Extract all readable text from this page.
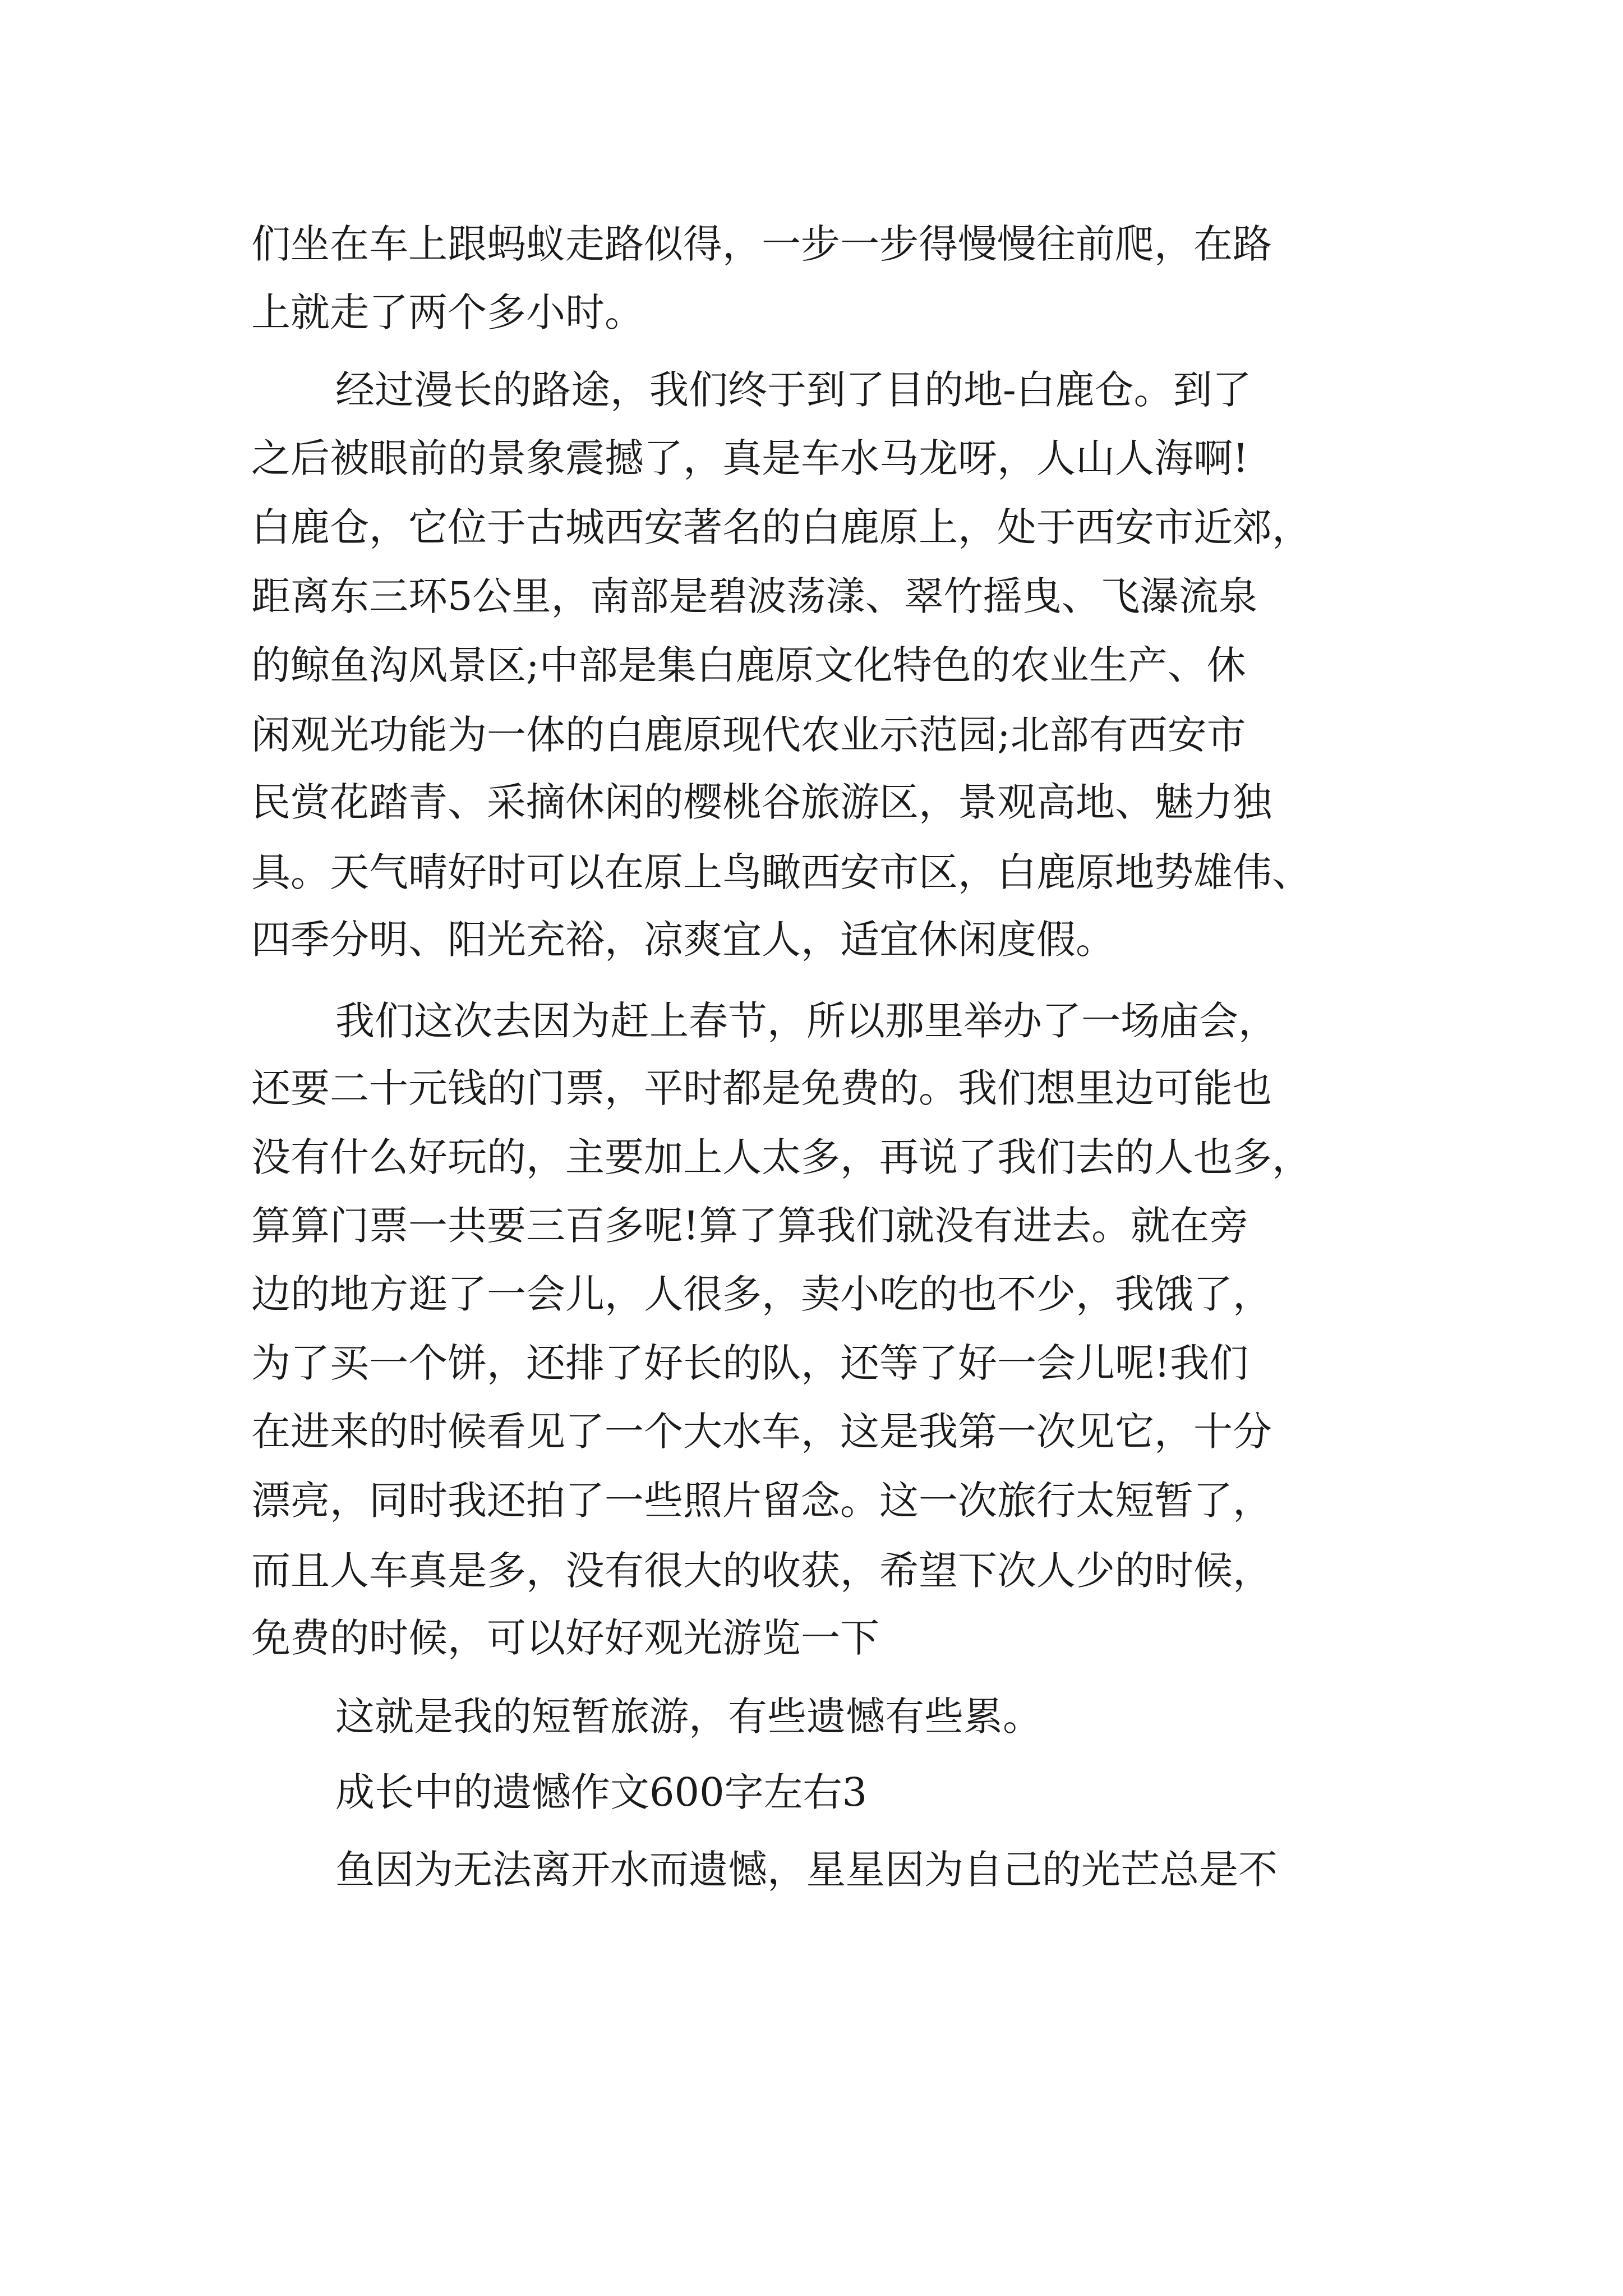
们坐在车上跟蚂蚁走路似得，一步一步得慢慢往前爬，在路
上就走了两个多小时。
经过漫长的路途，我们终于到了目的地-白鹿仓。到了
之后被眼前的景象震撼了，真是车水马龙呀，人山人海啊!
白鹿仓，它位于古城西安著名的白鹿原上，处于西安市近郊，
距离东三环5公里，南部是碧波荡漾、翠竹摇曳、飞瀑流泉
的鲸鱼沟风景区;中部是集白鹿原文化特色的农业生产、休
闲观光功能为一体的白鹿原现代农业示范园;北部有西安市
民赏花踏青、采摘休闲的樱桃谷旅游区，景观高地、魅力独
具。天气晴好时可以在原上鸟瞰西安市区，白鹿原地势雄伟、
四季分明、阳光充裕，凉爽宜人，适宜休闲度假。
我们这次去因为赶上春节，所以那里举办了一场庙会，
还要二十元钱的门票，平时都是免费的。我们想里边可能也
没有什么好玩的，主要加上人太多，再说了我们去的人也多，
算算门票一共要三百多呢!算了算我们就没有进去。就在旁
边的地方逛了一会儿，人很多，卖小吃的也不少，我饿了，
为了买一个饼，还排了好长的队，还等了好一会儿呢!我们
在进来的时候看见了一个大水车，这是我第一次见它，十分
漂亮，同时我还拍了一些照片留念。这一次旅行太短暂了，
而且人车真是多，没有很大的收获，希望下次人少的时候，
免费的时候，可以好好观光游览一下
这就是我的短暂旅游，有些遗憾有些累。
成长中的遗憾作文600字左右3
鱼因为无法离开水而遗憾，星星因为自己的光芒总是不
